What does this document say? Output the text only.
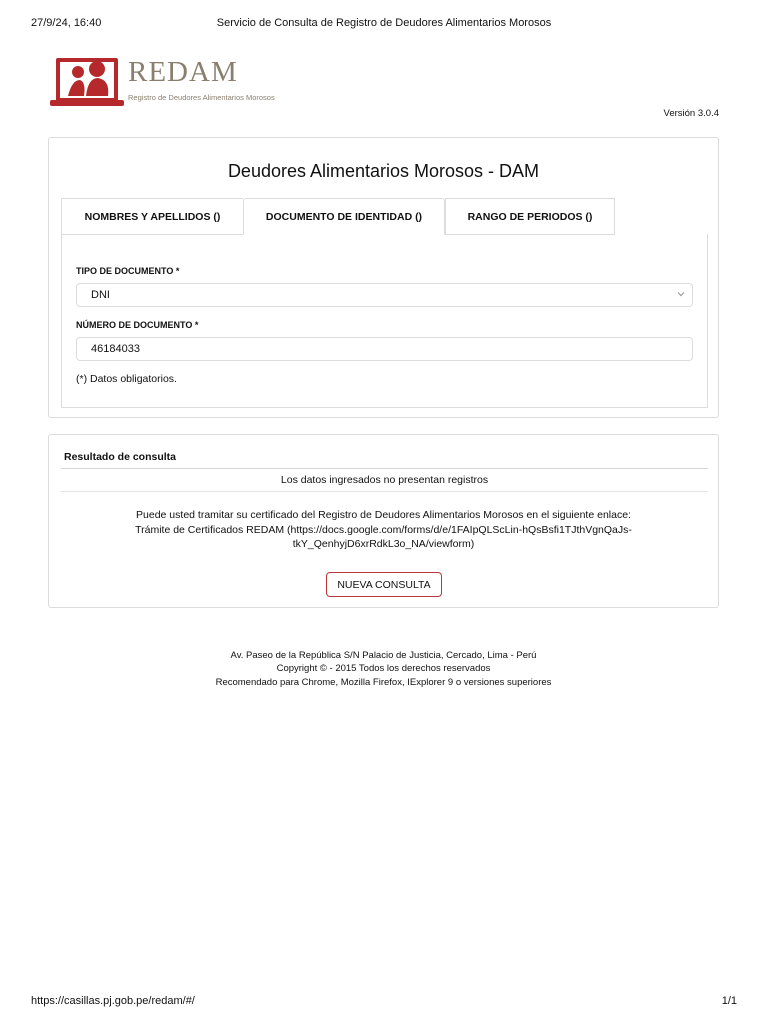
27/9/24, 16:40	Servicio de Consulta de Registro de Deudores Alimentarios Morosos
REDAM
Registro de Deudores Alimentarios Morosos
Versión 3.0.4
Deudores Alimentarios Morosos - DAM
NOMBRES Y APELLIDOS ()	DOCUMENTO DE IDENTIDAD ()	RANGO DE PERIODOS ()
TIPO DE DOCUMENTO *
DNI
NÚMERO DE DOCUMENTO *
46184033
(*) Datos obligatorios.
Resultado de consulta
Los datos ingresados no presentan registros
Puede usted tramitar su certificado del Registro de Deudores Alimentarios Morosos en el siguiente enlace:
Trámite de Certificados REDAM (https://docs.google.com/forms/d/e/1FAIpQLScLin-hQsBsfi1TJthVgnQaJs-
tkY_QenhyjD6xrRdkL3o_NA/viewform)
NUEVA CONSULTA
Av. Paseo de la República S/N Palacio de Justicia, Cercado, Lima - Perú
Copyright © - 2015 Todos los derechos reservados
Recomendado para Chrome, Mozilla Firefox, IExplorer 9 o versiones superiores
https://casillas.pj.gob.pe/redam/#/	1/1
